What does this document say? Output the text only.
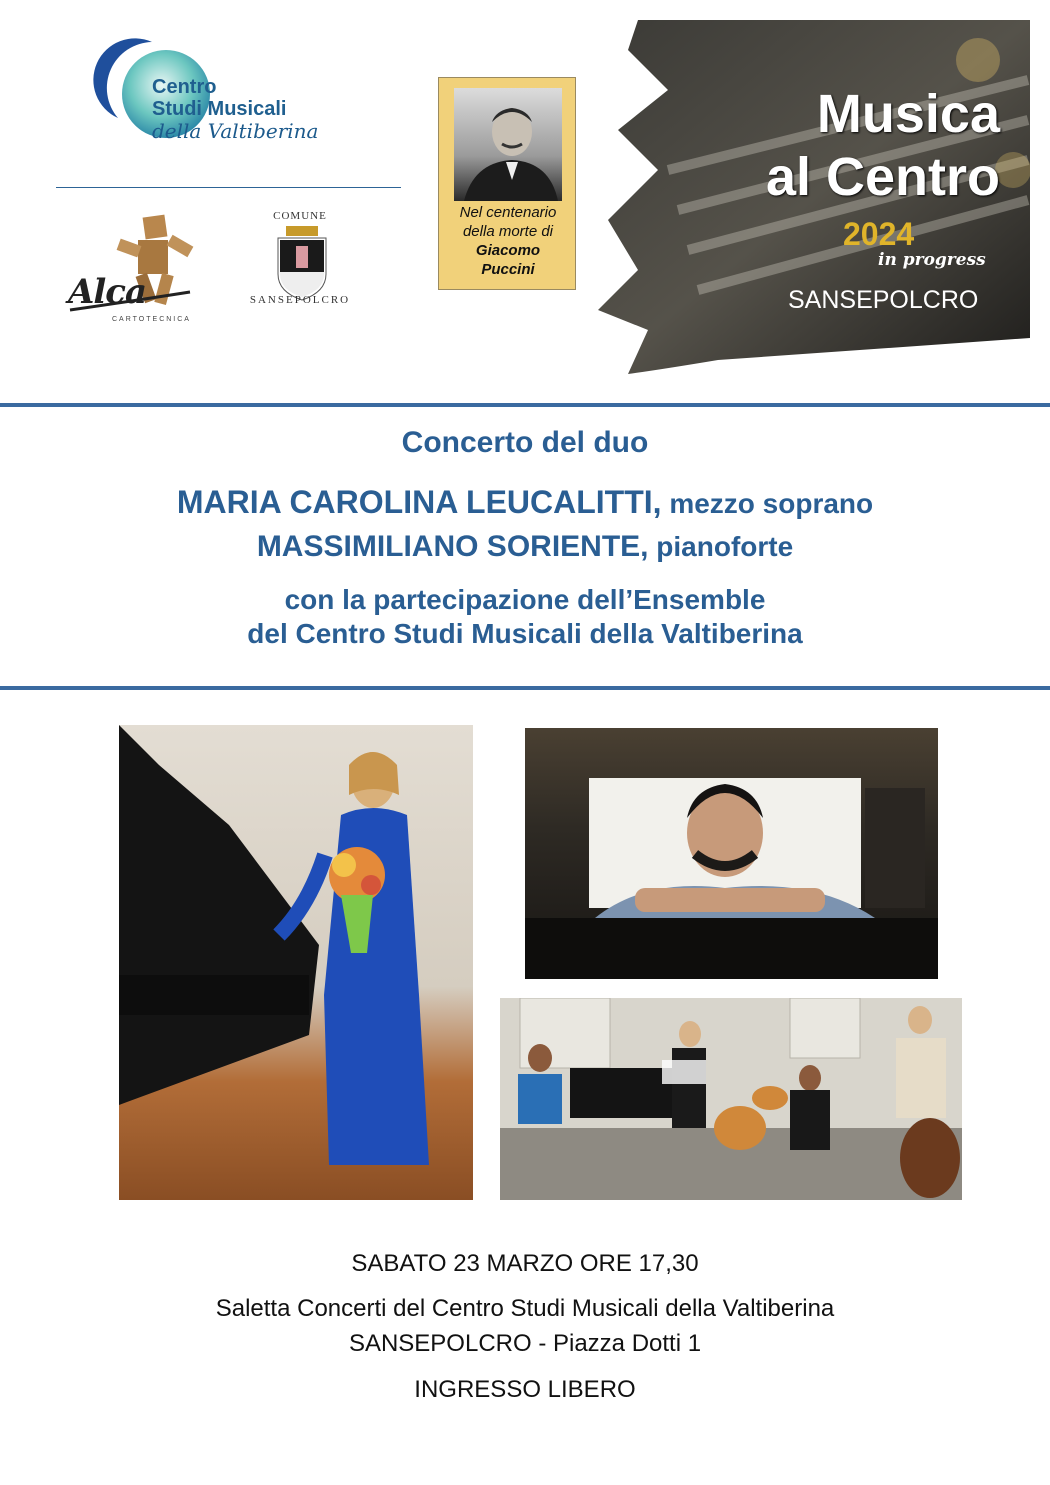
Centro
Studi Musicali
della Valtiberina
Alca
CARTOTECNICA
COMUNE
SANSEPOLCRO
Nel centenario
della morte di
Giacomo
Puccini
Musica
al Centro
2024
in progress
SANSEPOLCRO
Concerto del duo
MARIA CAROLINA LEUCALITTI, mezzo soprano
MASSIMILIANO SORIENTE, pianoforte
con la partecipazione dell’Ensemble
del Centro Studi Musicali della Valtiberina
SABATO 23 MARZO ORE 17,30
Saletta Concerti del Centro Studi Musicali della Valtiberina
SANSEPOLCRO - Piazza Dotti 1
INGRESSO LIBERO
